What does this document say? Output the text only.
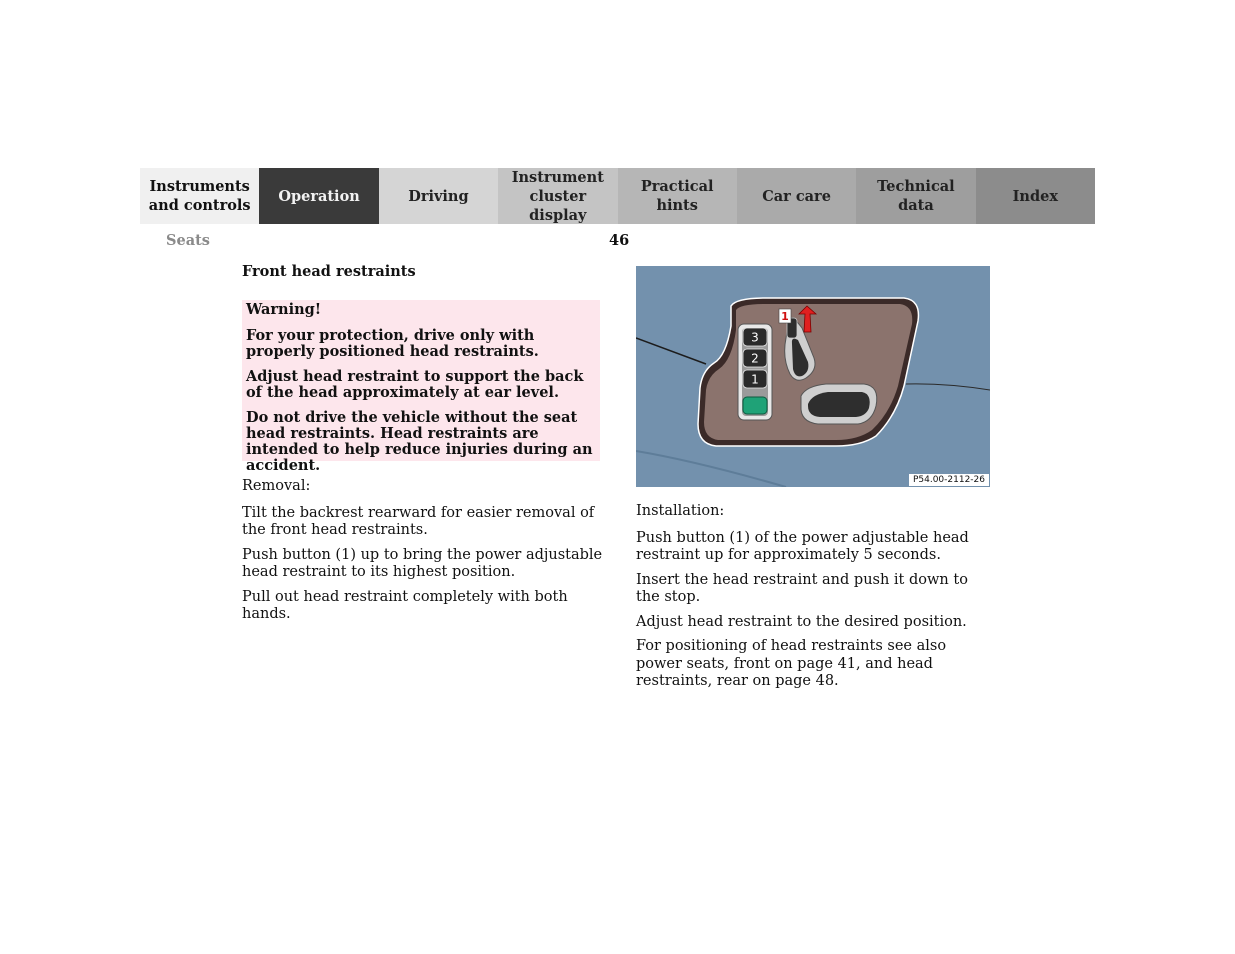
Instruments
and controls
Operation	Driving
Instrument
cluster display
Practical hints
Car care
Technical
data
Index
Seats	46
Front head restraints

Warning!

For your protection, drive only with properly positioned head restraints.

Adjust head restraint to support the back of the head approximately at ear level.

Do not drive the vehicle without the seat head restraints. Head restraints are intended to help reduce injuries during an accident.

Removal:

Tilt the backrest rearward for easier removal of the front head restraints.

Push button (1) up to bring the power adjustable head restraint to its highest position.

Pull out head restraint completely with both hands.

3
2
1
1
P54.00-2112-26

Installation:

Push button (1) of the power adjustable head restraint up for approximately 5 seconds.

Insert the head restraint and push it down to the stop.

Adjust head restraint to the desired position.

For positioning of head restraints see also power seats, front on page 41, and head restraints, rear on page 48.
